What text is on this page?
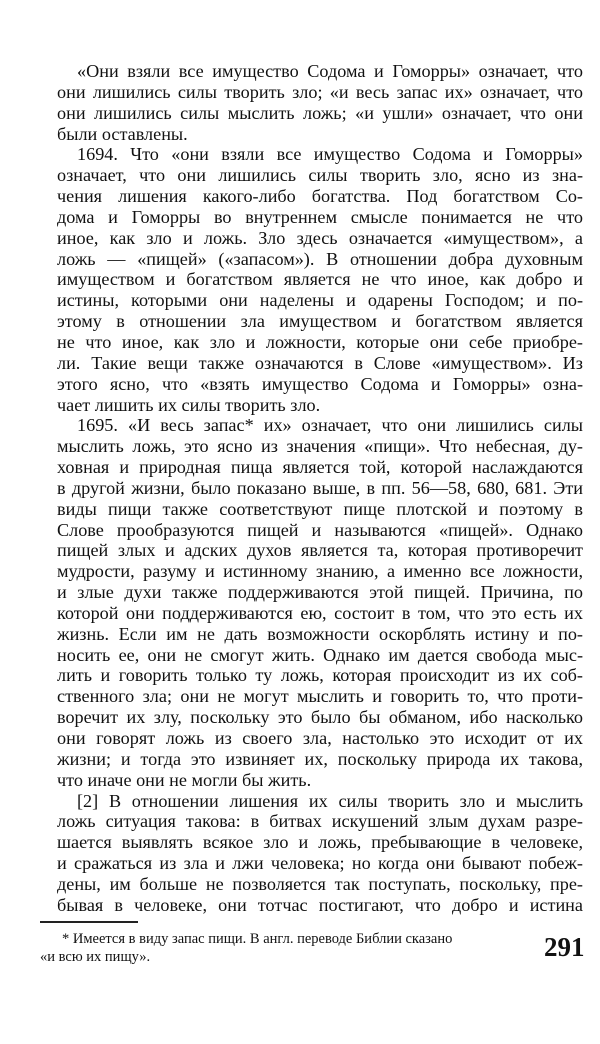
«Они взяли все имущество Содома и Гоморры» означает, что
они лишились силы творить зло; «и весь запас их» означает, что
они лишились силы мыслить ложь; «и ушли» означает, что они
были оставлены.
1694. Что «они взяли все имущество Содома и Гоморры»
означает, что они лишились силы творить зло, ясно из зна-
чения лишения какого-либо богатства. Под богатством Со-
дома и Гоморры во внутреннем смысле понимается не что
иное, как зло и ложь. Зло здесь означается «имуществом», а
ложь — «пищей» («запасом»). В отношении добра духовным
имуществом и богатством является не что иное, как добро и
истины, которыми они наделены и одарены Господом; и по-
этому в отношении зла имуществом и богатством является
не что иное, как зло и ложности, которые они себе приобре-
ли. Такие вещи также означаются в Слове «имуществом». Из
этого ясно, что «взять имущество Содома и Гоморры» озна-
чает лишить их силы творить зло.
1695. «И весь запас* их» означает, что они лишились силы
мыслить ложь, это ясно из значения «пищи». Что небесная, ду-
ховная и природная пища является той, которой наслаждаются
в другой жизни, было показано выше, в пп. 56—58, 680, 681. Эти
виды пищи также соответствуют пище плотской и поэтому в
Слове прообразуются пищей и называются «пищей». Однако
пищей злых и адских духов является та, которая противоречит
мудрости, разуму и истинному знанию, а именно все ложности,
и злые духи также поддерживаются этой пищей. Причина, по
которой они поддерживаются ею, состоит в том, что это есть их
жизнь. Если им не дать возможности оскорблять истину и по-
носить ее, они не смогут жить. Однако им дается свобода мыс-
лить и говорить только ту ложь, которая происходит из их соб-
ственного зла; они не могут мыслить и говорить то, что проти-
воречит их злу, поскольку это было бы обманом, ибо насколько
они говорят ложь из своего зла, настолько это исходит от их
жизни; и тогда это извиняет их, поскольку природа их такова,
что иначе они не могли бы жить.
[2] В отношении лишения их силы творить зло и мыслить
ложь ситуация такова: в битвах искушений злым духам разре-
шается выявлять всякое зло и ложь, пребывающие в человеке,
и сражаться из зла и лжи человека; но когда они бывают побеж-
дены, им больше не позволяется так поступать, поскольку, пре-
бывая в человеке, они тотчас постигают, что добро и истина
* Имеется в виду запас пищи. В англ. переводе Библии сказано
«и всю их пищу».	291
